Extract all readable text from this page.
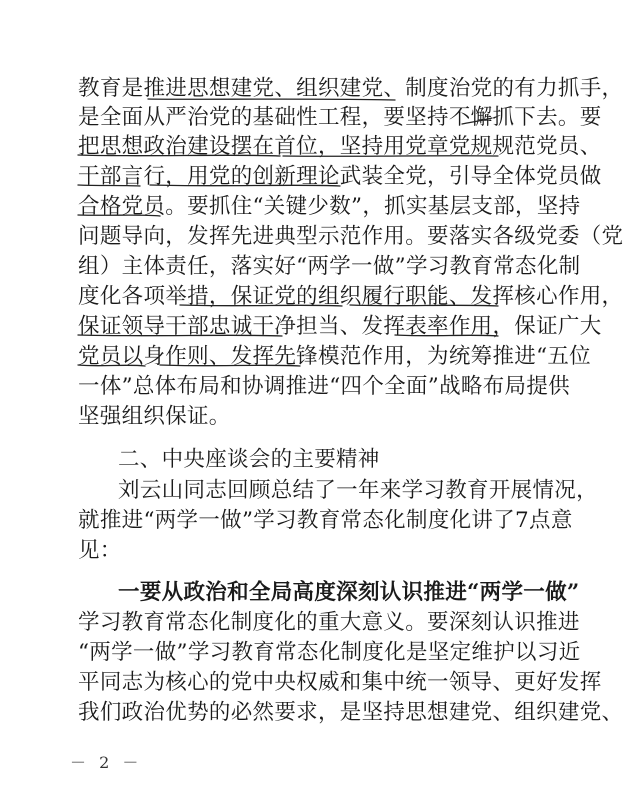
教 育 是 推 进 思 想 建 党 、 组 织 建 党 、 制 度 治 党 的 有 力 抓 手 ，
是 全 面 从 严 治 党 的 基 础 性 工 程 ， 要 坚 持 不 懈 抓 下 去 。 要
把 思 想 政 治 建 设 摆 在 首 位 ， 坚 持 用 党 章 党 规 规 范 党 员 、
干 部 言 行 ， 用 党 的 创 新 理 论 武 装 全 党 ， 引 导 全 体 党 员 做
合 格 党 员 。 要 抓 住 “ 关 键 少 数 ” ， 抓 实 基 层 支 部 ， 坚 持
问 题 导 向 ， 发 挥 先 进 典 型 示 范 作 用 。 要 落 实 各 级 党 委 （ 党
组 ） 主 体 责 任 ， 落 实 好 “ 两 学 一 做 ” 学 习 教 育 常 态 化 制
度 化 各 项 举 措 ， 保 证 党 的 组 织 履 行 职 能 、 发 挥 核 心 作 用 ，
保 证 领 导 干 部 忠 诚 干 净 担 当 、 发 挥 表 率 作 用 ， 保 证 广 大
党 员 以 身 作 则 、 发 挥 先 锋 模 范 作 用 ， 为 统 筹 推 进 “ 五 位
一 体 ” 总 体 布 局 和 协 调 推 进 “ 四 个 全 面 ” 战 略 布 局 提 供
坚强组织保证。
二、中央座谈会的主要精神
刘 云 山 同 志 回 顾 总 结 了 一 年 来 学 习 教 育 开 展 情 况 ，
就 推 进 “ 两 学 一 做 ” 学 习 教 育 常 态 化 制 度 化 讲 了 7 点 意
见：
一 要 从 政 治 和 全 局 高 度 深 刻 认 识 推 进 “ 两 学 一 做 ”
学 习 教 育 常 态 化 制 度 化 的 重 大 意 义 。 要 深 刻 认 识 推 进
“ 两 学 一 做 ” 学 习 教 育 常 态 化 制 度 化 是 坚 定 维 护 以 习 近
平 同 志 为 核 心 的 党 中 央 权 威 和 集 中 统 一 领 导 、 更 好 发 挥
我 们 政 治 优 势 的 必 然 要 求 ， 是 坚 持 思 想 建 党 、 组 织 建 党 、
－ 2 －
